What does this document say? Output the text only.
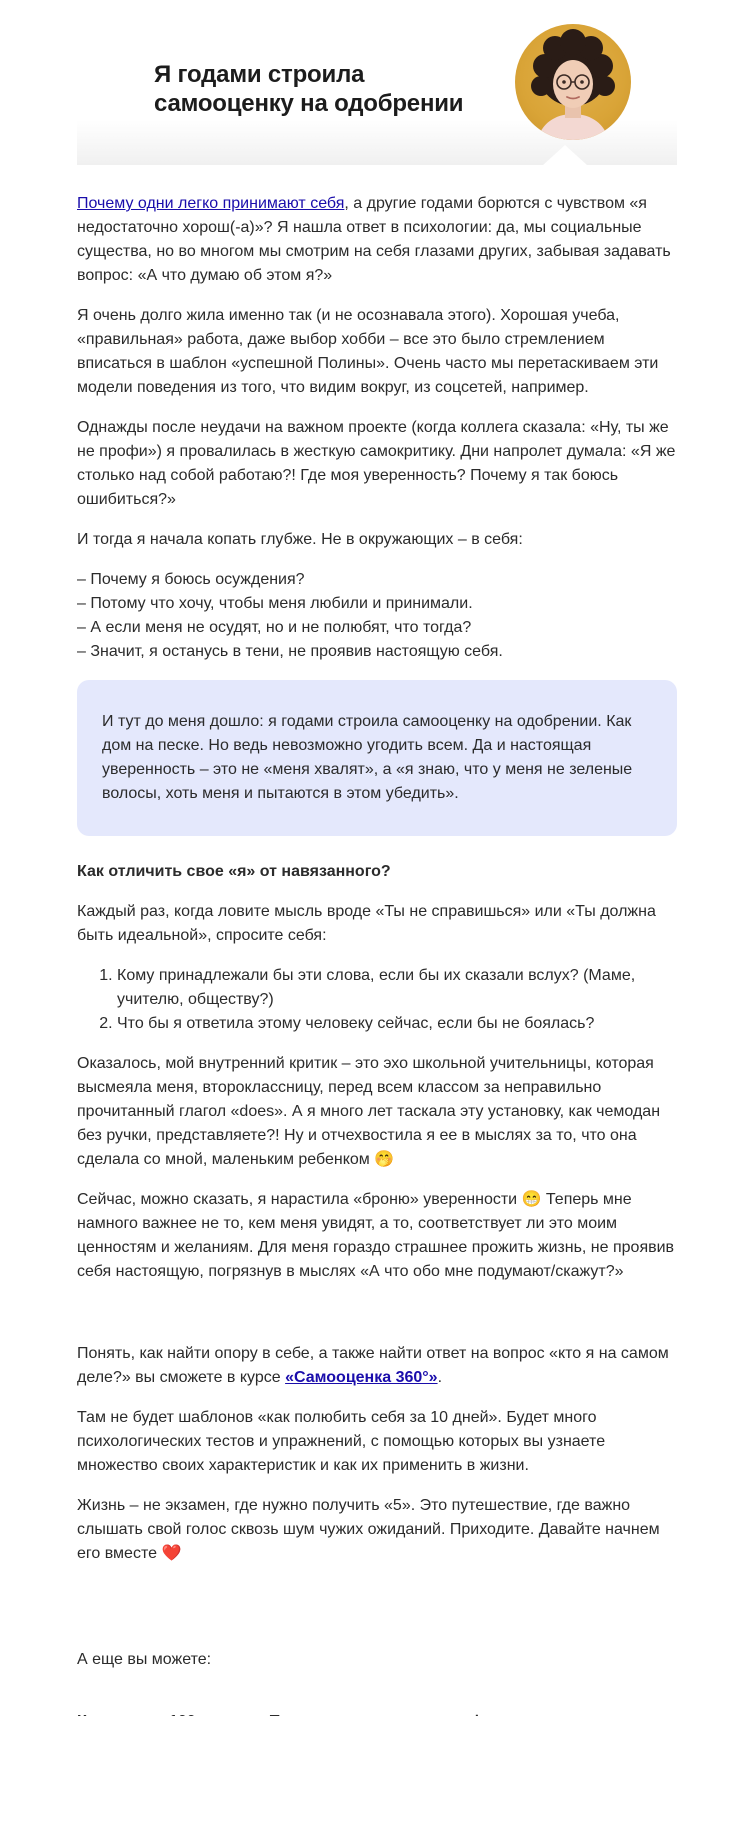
Я годами строила
самооценку на одобрении

Почему одни легко принимают себя, а другие годами борются с чувством «я недостаточно хорош(-а)»? Я нашла ответ в психологии: да, мы социальные существа, но во многом мы смотрим на себя глазами других, забывая задавать вопрос: «А что думаю об этом я?»

Я очень долго жила именно так (и не осознавала этого). Хорошая учеба, «правильная» работа, даже выбор хобби – все это было стремлением вписаться в шаблон «успешной Полины». Очень часто мы перетаскиваем эти модели поведения из того, что видим вокруг, из соцсетей, например.

Однажды после неудачи на важном проекте (когда коллега сказала: «Ну, ты же не профи») я провалилась в жесткую самокритику. Дни напролет думала: «Я же столько над собой работаю?! Где моя уверенность? Почему я так боюсь ошибиться?»

И тогда я начала копать глубже. Не в окружающих – в себя:

– Почему я боюсь осуждения?
– Потому что хочу, чтобы меня любили и принимали.
– А если меня не осудят, но и не полюбят, что тогда?
– Значит, я останусь в тени, не проявив настоящую себя.

И тут до меня дошло: я годами строила самооценку на одобрении. Как дом на песке. Но ведь невозможно угодить всем. Да и настоящая уверенность – это не «меня хвалят», а «я знаю, что у меня не зеленые волосы, хоть меня и пытаются в этом убедить».

Как отличить свое «я» от навязанного?

Каждый раз, когда ловите мысль вроде «Ты не справишься» или «Ты должна быть идеальной», спросите себя:

1. Кому принадлежали бы эти слова, если бы их сказали вслух? (Маме, учителю, обществу?)
2. Что бы я ответила этому человеку сейчас, если бы не боялась?

Оказалось, мой внутренний критик – это эхо школьной учительницы, которая высмеяла меня, второклассницу, перед всем классом за неправильно прочитанный глагол «does». А я много лет таскала эту установку, как чемодан без ручки, представляете?! Ну и отчехвостила я ее в мыслях за то, что она сделала со мной, маленьким ребенком 🤭

Сейчас, можно сказать, я нарастила «броню» уверенности 😁 Теперь мне намного важнее не то, кем меня увидят, а то, соответствует ли это моим ценностям и желаниям. Для меня гораздо страшнее прожить жизнь, не проявив себя настоящую, погрязнув в мыслях «А что обо мне подумают/скажут?»

Понять, как найти опору в себе, а также найти ответ на вопрос «кто я на самом деле?» вы сможете в курсе «Самооценка 360°».

Там не будет шаблонов «как полюбить себя за 10 дней». Будет много психологических тестов и упражнений, с помощью которых вы узнаете множество своих характеристик и как их применить в жизни.

Жизнь – не экзамен, где нужно получить «5». Это путешествие, где важно слышать свой голос сквозь шум чужих ожиданий. Приходите. Давайте начнем его вместе ❤️

А еще вы можете:
